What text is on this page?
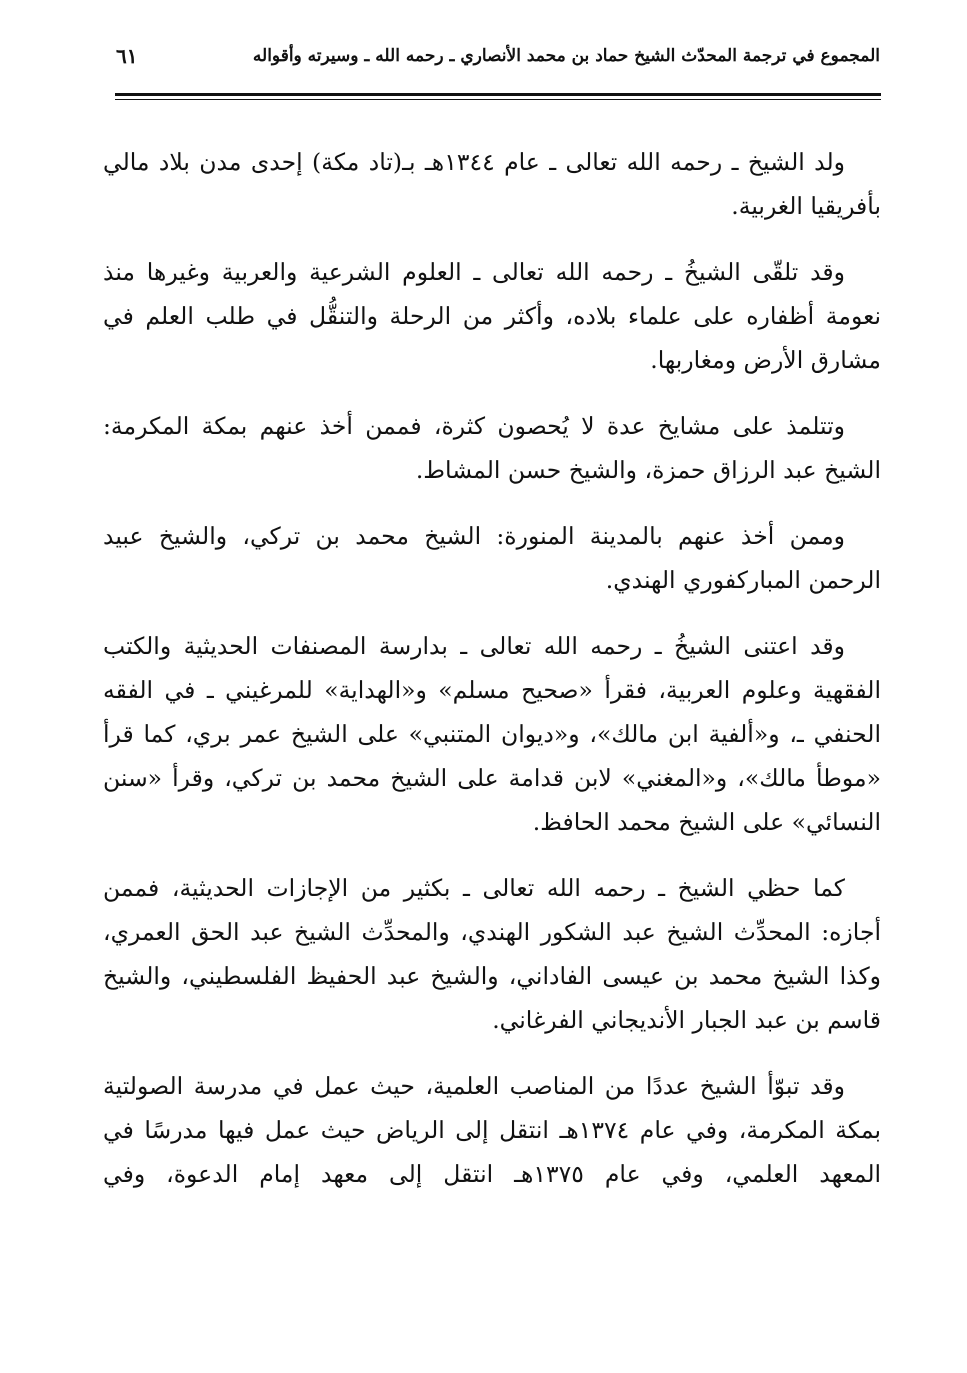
المجموع في ترجمة المحدّث الشيخ حماد بن محمد الأنصاري ـ رحمه الله ـ وسيرته وأقواله
٦١

ولد الشيخ ـ رحمه الله تعالى ـ عام ١٣٤٤هـ بـ(تاد مكة) إحدى مدن بلاد مالي بأفريقيا الغربية.

وقد تلقّى الشيخُ ـ رحمه الله تعالى ـ العلوم الشرعية والعربية وغيرها منذ نعومة أظفاره على علماء بلاده، وأكثر من الرحلة والتنقُّل في طلب العلم في مشارق الأرض ومغاربها.

وتتلمذ على مشايخ عدة لا يُحصون كثرة، فممن أخذ عنهم بمكة المكرمة: الشيخ عبد الرزاق حمزة، والشيخ حسن المشاط.

وممن أخذ عنهم بالمدينة المنورة: الشيخ محمد بن تركي، والشيخ عبيد الرحمن المباركفوري الهندي.

وقد اعتنى الشيخُ ـ رحمه الله تعالى ـ بدارسة المصنفات الحديثية والكتب الفقهية وعلوم العربية، فقرأ «صحيح مسلم» و«الهداية» للمرغيني ـ في الفقه الحنفي ـ، و«ألفية ابن مالك»، و«ديوان المتنبي» على الشيخ عمر بري، كما قرأ «موطأ مالك»، و«المغني» لابن قدامة على الشيخ محمد بن تركي، وقرأ «سنن النسائي» على الشيخ محمد الحافظ.

كما حظي الشيخ ـ رحمه الله تعالى ـ بكثير من الإجازات الحديثية، فممن أجازه: المحدِّث الشيخ عبد الشكور الهندي، والمحدِّث الشيخ عبد الحق العمري، وكذا الشيخ محمد بن عيسى الفاداني، والشيخ عبد الحفيظ الفلسطيني، والشيخ قاسم بن عبد الجبار الأنديجاني الفرغاني.

وقد تبوّأ الشيخ عددًا من المناصب العلمية، حيث عمل في مدرسة الصولتية بمكة المكرمة، وفي عام ١٣٧٤هـ انتقل إلى الرياض حيث عمل فيها مدرسًا في المعهد العلمي، وفي عام ١٣٧٥هـ انتقل إلى معهد إمام الدعوة، وفي
